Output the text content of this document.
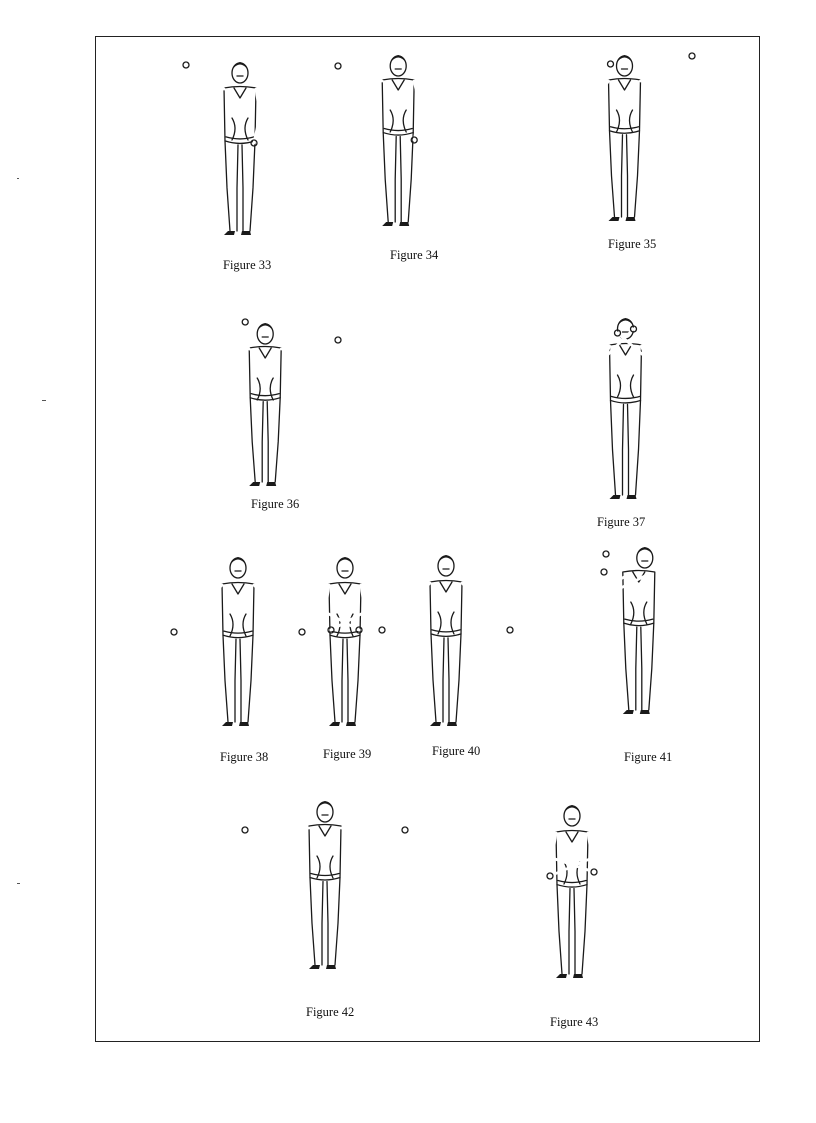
Figure 33
Figure 34
Figure 35
Figure 36
Figure 37
Figure 38	Figure 39	Figure 40	Figure 41
Figure 42
Figure 43
